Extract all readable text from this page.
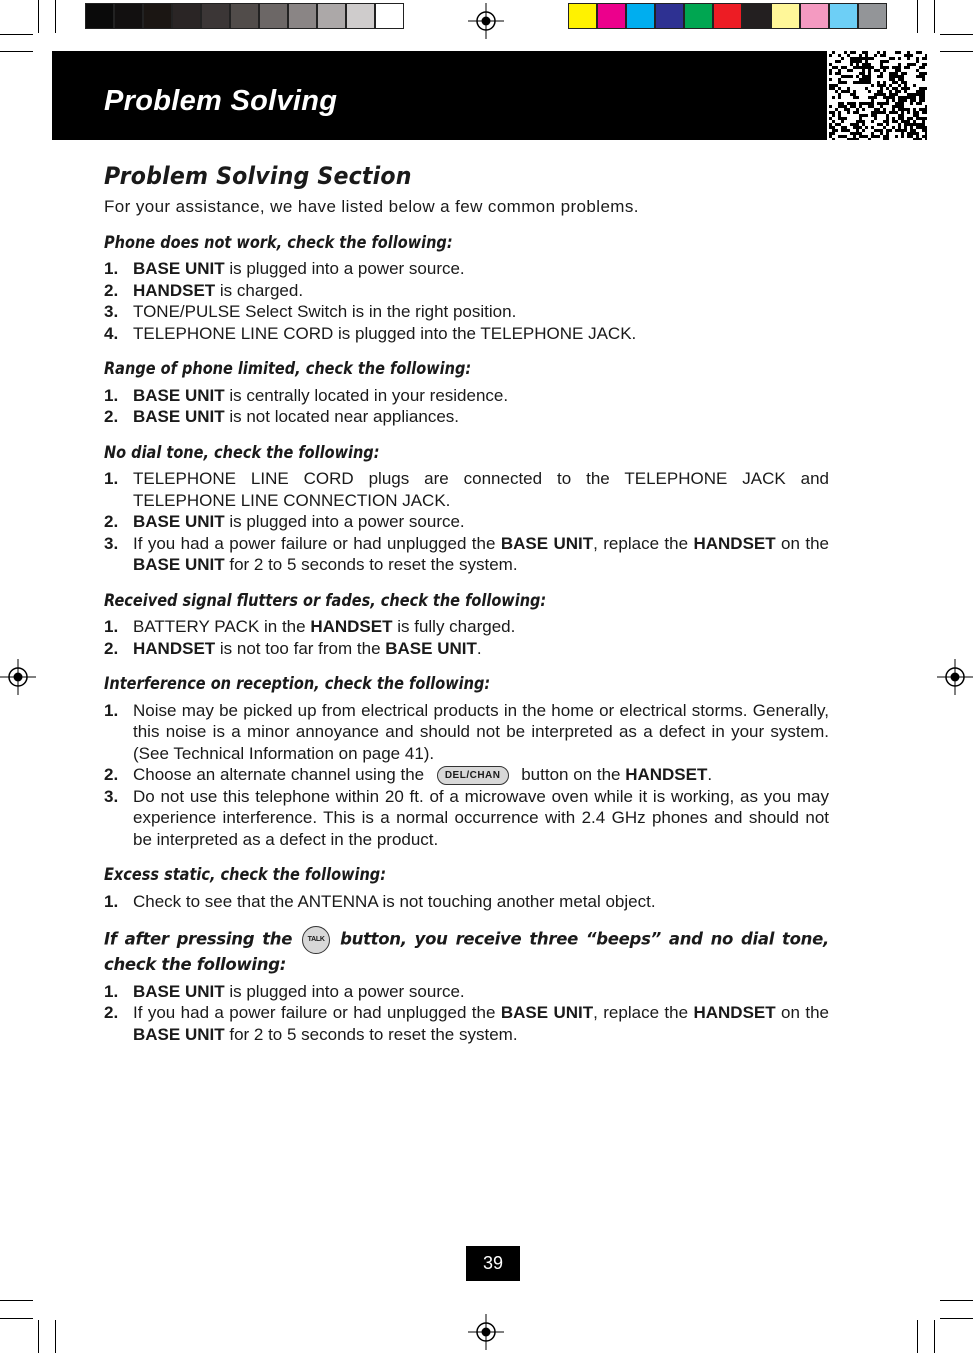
Problem Solving
Problem Solving Section
For your assistance, we have listed below a few common problems.
Phone does not work, check the following:
1. BASE UNIT is plugged into a power source.
2. HANDSET is charged.
3. TONE/PULSE Select Switch is in the right position.
4. TELEPHONE LINE CORD is plugged into the TELEPHONE JACK.
Range of phone limited, check the following:
1. BASE UNIT is centrally located in your residence.
2. BASE UNIT is not located near appliances.
No dial tone, check the following:
1. TELEPHONE LINE CORD plugs are connected to the TELEPHONE JACK and TELEPHONE LINE CONNECTION JACK.
2. BASE UNIT is plugged into a power source.
3. If you had a power failure or had unplugged the BASE UNIT, replace the HANDSET on the BASE UNIT for 2 to 5 seconds to reset the system.
Received signal flutters or fades, check the following:
1. BATTERY PACK in the HANDSET is fully charged.
2. HANDSET is not too far from the BASE UNIT.
Interference on reception, check the following:
1. Noise may be picked up from electrical products in the home or electrical storms. Generally, this noise is a minor annoyance and should not be interpreted as a defect in your system. (See Technical Information on page 41).
2. Choose an alternate channel using the DEL/CHAN button on the HANDSET.
3. Do not use this telephone within 20 ft. of a microwave oven while it is working, as you may experience interference. This is a normal occurrence with 2.4 GHz phones and should not be interpreted as a defect in the product.
Excess static, check the following:
1. Check to see that the ANTENNA is not touching another metal object.
If after pressing the TALK button, you receive three “beeps” and no dial tone, check the following:
1. BASE UNIT is plugged into a power source.
2. If you had a power failure or had unplugged the BASE UNIT, replace the HANDSET on the BASE UNIT for 2 to 5 seconds to reset the system.
39
